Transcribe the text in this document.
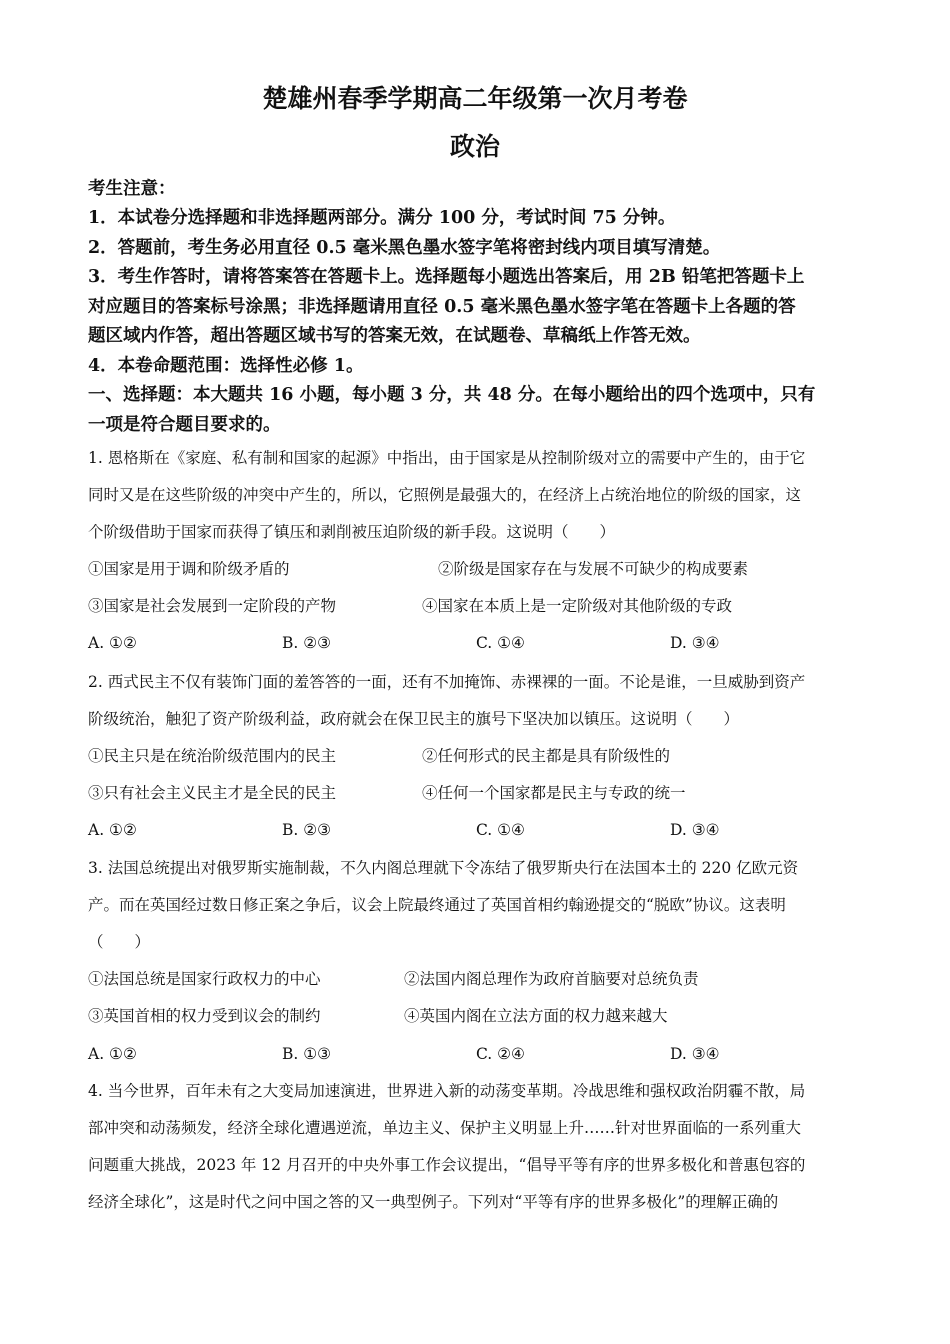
楚雄州春季学期高二年级第一次月考卷
政治
考生注意：
1．本试卷分选择题和非选择题两部分。满分 100 分，考试时间 75 分钟。
2．答题前，考生务必用直径 0.5 毫米黑色墨水签字笔将密封线内项目填写清楚。
3．考生作答时，请将答案答在答题卡上。选择题每小题选出答案后，用 2B 铅笔把答题卡上
对应题目的答案标号涂黑；非选择题请用直径 0.5 毫米黑色墨水签字笔在答题卡上各题的答
题区域内作答，超出答题区域书写的答案无效，在试题卷、草稿纸上作答无效。
4．本卷命题范围：选择性必修 1。
一、选择题：本大题共 16 小题，每小题 3 分，共 48 分。在每小题给出的四个选项中，只有
一项是符合题目要求的。
1. 恩格斯在《家庭、私有制和国家的起源》中指出，由于国家是从控制阶级对立的需要中产生的，由于它
同时又是在这些阶级的冲突中产生的，所以，它照例是最强大的，在经济上占统治地位的阶级的国家，这
个阶级借助于国家而获得了镇压和剥削被压迫阶级的新手段。这说明（　　）
①国家是用于调和阶级矛盾的	②阶级是国家存在与发展不可缺少的构成要素
③国家是社会发展到一定阶段的产物	④国家在本质上是一定阶级对其他阶级的专政
A. ①②	B. ②③	C. ①④	D. ③④
2. 西式民主不仅有装饰门面的羞答答的一面，还有不加掩饰、赤裸裸的一面。不论是谁，一旦威胁到资产
阶级统治，触犯了资产阶级利益，政府就会在保卫民主的旗号下坚决加以镇压。这说明（　　）
①民主只是在统治阶级范围内的民主	②任何形式的民主都是具有阶级性的
③只有社会主义民主才是全民的民主	④任何一个国家都是民主与专政的统一
A. ①②	B. ②③	C. ①④	D. ③④
3. 法国总统提出对俄罗斯实施制裁，不久内阁总理就下令冻结了俄罗斯央行在法国本土的 220 亿欧元资
产。而在英国经过数日修正案之争后，议会上院最终通过了英国首相约翰逊提交的“脱欧”协议。这表明
（　　）
①法国总统是国家行政权力的中心	②法国内阁总理作为政府首脑要对总统负责
③英国首相的权力受到议会的制约	④英国内阁在立法方面的权力越来越大
A. ①②	B. ①③	C. ②④	D. ③④
4. 当今世界，百年未有之大变局加速演进，世界进入新的动荡变革期。冷战思维和强权政治阴霾不散，局
部冲突和动荡频发，经济全球化遭遇逆流，单边主义、保护主义明显上升……针对世界面临的一系列重大
问题重大挑战，2023 年 12 月召开的中央外事工作会议提出，“倡导平等有序的世界多极化和普惠包容的
经济全球化”，这是时代之问中国之答的又一典型例子。下列对“平等有序的世界多极化”的理解正确的
